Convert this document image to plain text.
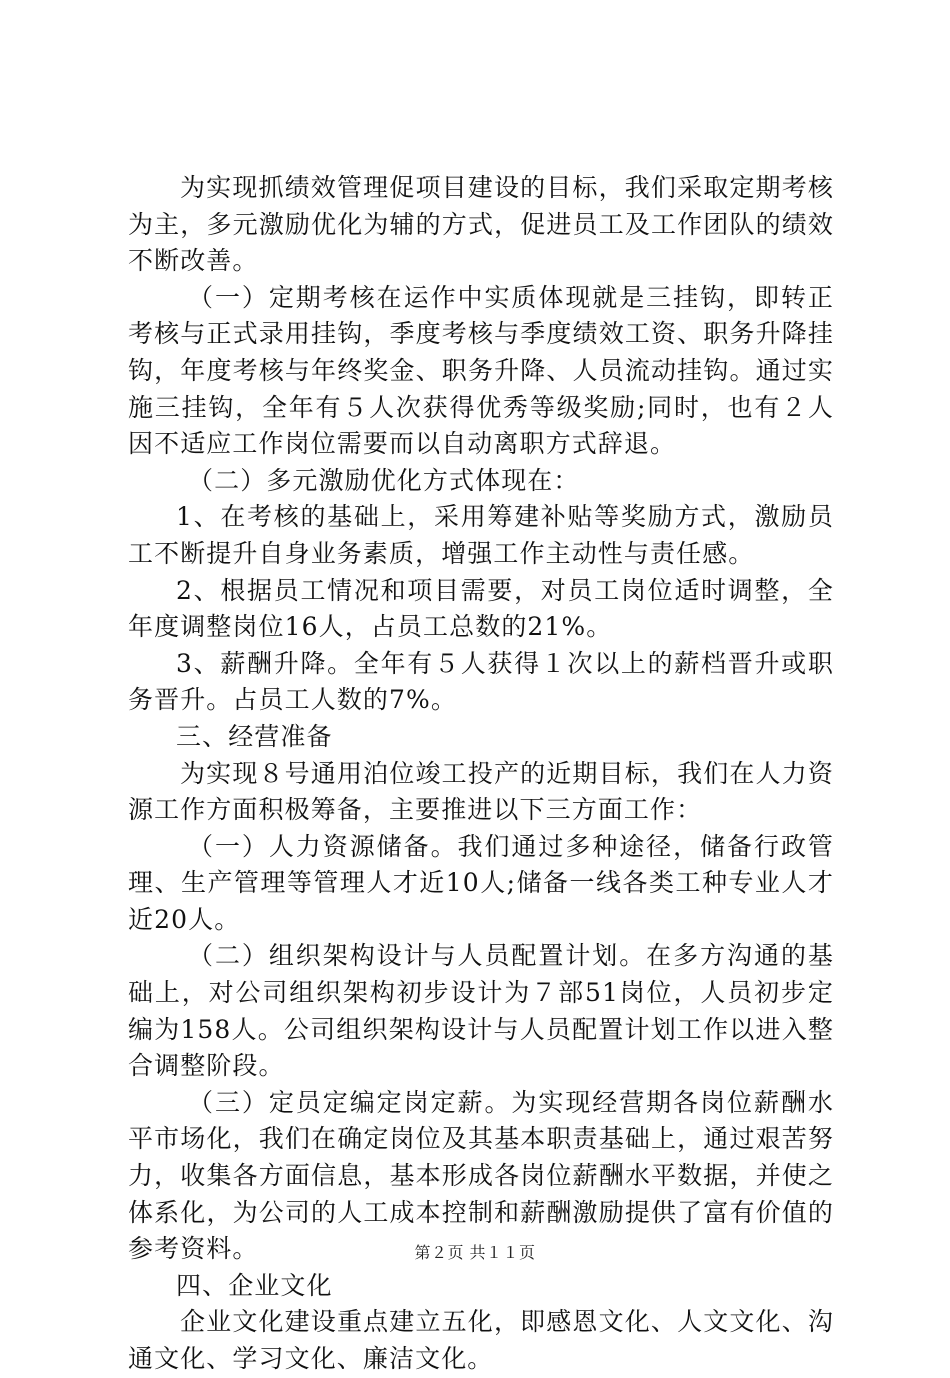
为实现抓绩效管理促项目建设的目标，我们采取定期考核为主，多元激励优化为辅的方式，促进员工及工作团队的绩效不断改善。

（一）定期考核在运作中实质体现就是三挂钩，即转正考核与正式录用挂钩，季度考核与季度绩效工资、职务升降挂钩，年度考核与年终奖金、职务升降、人员流动挂钩。通过实施三挂钩，全年有５人次获得优秀等级奖励;同时，也有２人因不适应工作岗位需要而以自动离职方式辞退。

（二）多元激励优化方式体现在：

1、在考核的基础上，采用筹建补贴等奖励方式，激励员工不断提升自身业务素质，增强工作主动性与责任感。

2、根据员工情况和项目需要，对员工岗位适时调整，全年度调整岗位16人，占员工总数的21%。

3、薪酬升降。全年有５人获得１次以上的薪档晋升或职务晋升。占员工人数的7%。

三、经营准备

为实现８号通用泊位竣工投产的近期目标，我们在人力资源工作方面积极筹备，主要推进以下三方面工作：

（一）人力资源储备。我们通过多种途径，储备行政管理、生产管理等管理人才近10人;储备一线各类工种专业人才近20人。

（二）组织架构设计与人员配置计划。在多方沟通的基础上，对公司组织架构初步设计为７部51岗位，人员初步定编为158人。公司组织架构设计与人员配置计划工作以进入整合调整阶段。

（三）定员定编定岗定薪。为实现经营期各岗位薪酬水平市场化，我们在确定岗位及其基本职责基础上，通过艰苦努力，收集各方面信息，基本形成各岗位薪酬水平数据，并使之体系化，为公司的人工成本控制和薪酬激励提供了富有价值的参考资料。

四、企业文化

企业文化建设重点建立五化，即感恩文化、人文文化、沟通文化、学习文化、廉洁文化。

第２页 共１１页
